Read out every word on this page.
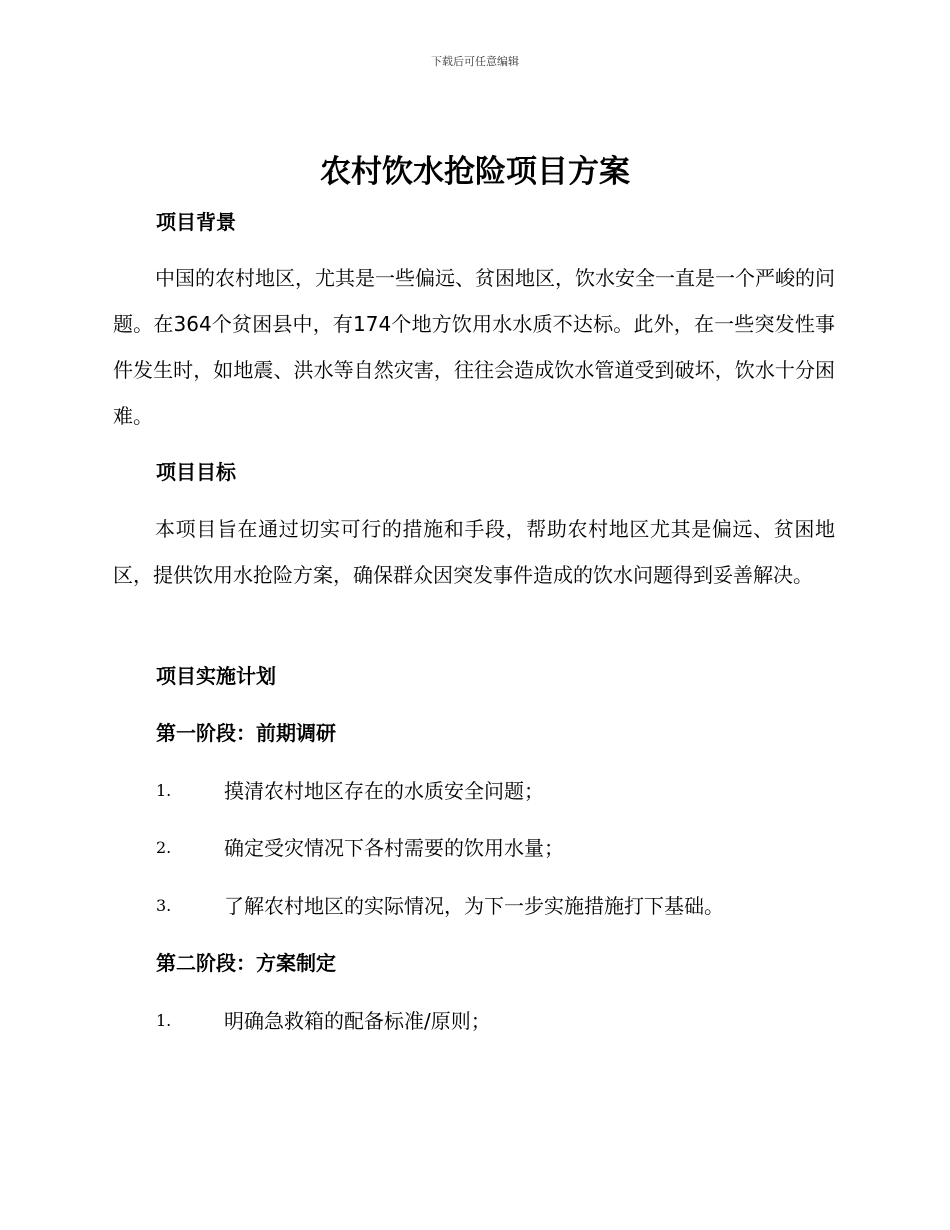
下载后可任意编辑
农村饮水抢险项目方案
项目背景

中国的农村地区，尤其是一些偏远、贫困地区，饮水安全一直是一个严峻的问题。在364个贫困县中，有174个地方饮用水水质不达标。此外，在一些突发性事件发生时，如地震、洪水等自然灾害，往往会造成饮水管道受到破坏，饮水十分困难。

项目目标

本项目旨在通过切实可行的措施和手段，帮助农村地区尤其是偏远、贫困地区，提供饮用水抢险方案，确保群众因突发事件造成的饮水问题得到妥善解决。

项目实施计划
第一阶段：前期调研
1.	摸清农村地区存在的水质安全问题；
2.	确定受灾情况下各村需要的饮用水量；
3.	了解农村地区的实际情况，为下一步实施措施打下基础。
第二阶段：方案制定
1.	明确急救箱的配备标准/原则；
